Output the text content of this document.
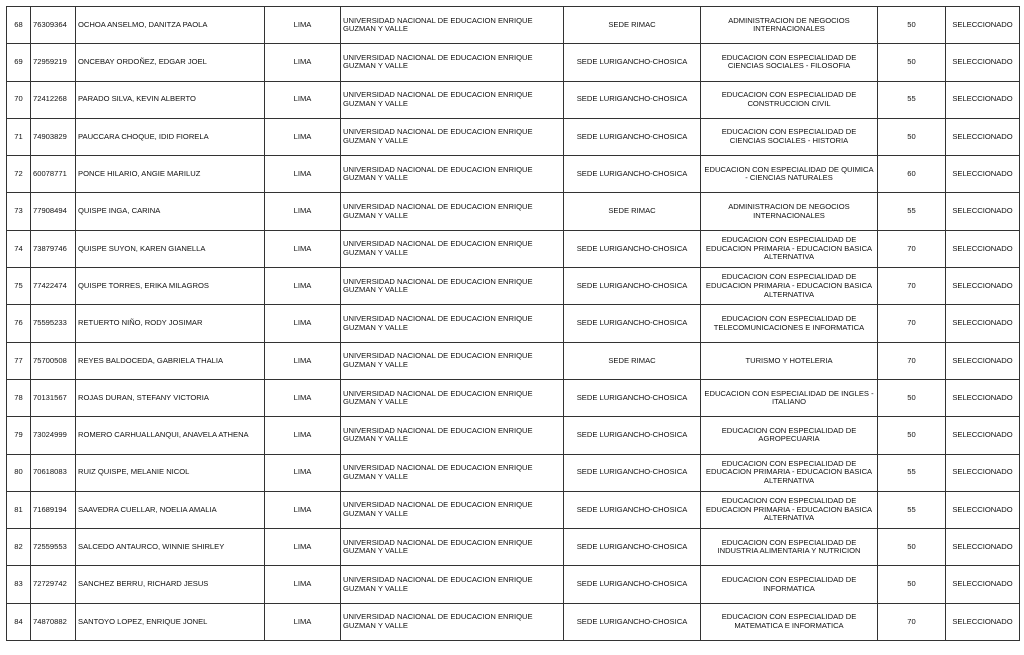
68	76309364	OCHOA ANSELMO, DANITZA PAOLA	LIMA	UNIVERSIDAD NACIONAL DE EDUCACION ENRIQUE GUZMAN Y VALLE	SEDE RIMAC	ADMINISTRACION DE NEGOCIOS INTERNACIONALES	50	SELECCIONADO
69	72959219	ONCEBAY ORDOÑEZ, EDGAR JOEL	LIMA	UNIVERSIDAD NACIONAL DE EDUCACION ENRIQUE GUZMAN Y VALLE	SEDE LURIGANCHO-CHOSICA	EDUCACION CON ESPECIALIDAD DE CIENCIAS SOCIALES - FILOSOFIA	50	SELECCIONADO
70	72412268	PARADO SILVA, KEVIN ALBERTO	LIMA	UNIVERSIDAD NACIONAL DE EDUCACION ENRIQUE GUZMAN Y VALLE	SEDE LURIGANCHO-CHOSICA	EDUCACION CON ESPECIALIDAD DE CONSTRUCCION CIVIL	55	SELECCIONADO
71	74903829	PAUCCARA CHOQUE, IDID FIORELA	LIMA	UNIVERSIDAD NACIONAL DE EDUCACION ENRIQUE GUZMAN Y VALLE	SEDE LURIGANCHO-CHOSICA	EDUCACION CON ESPECIALIDAD DE CIENCIAS SOCIALES - HISTORIA	50	SELECCIONADO
72	60078771	PONCE HILARIO, ANGIE MARILUZ	LIMA	UNIVERSIDAD NACIONAL DE EDUCACION ENRIQUE GUZMAN Y VALLE	SEDE LURIGANCHO-CHOSICA	EDUCACION CON ESPECIALIDAD DE QUIMICA - CIENCIAS NATURALES	60	SELECCIONADO
73	77908494	QUISPE INGA, CARINA	LIMA	UNIVERSIDAD NACIONAL DE EDUCACION ENRIQUE GUZMAN Y VALLE	SEDE RIMAC	ADMINISTRACION DE NEGOCIOS INTERNACIONALES	55	SELECCIONADO
74	73879746	QUISPE SUYON, KAREN GIANELLA	LIMA	UNIVERSIDAD NACIONAL DE EDUCACION ENRIQUE GUZMAN Y VALLE	SEDE LURIGANCHO-CHOSICA	EDUCACION CON ESPECIALIDAD DE EDUCACION PRIMARIA - EDUCACION BASICA ALTERNATIVA	70	SELECCIONADO
75	77422474	QUISPE TORRES, ERIKA MILAGROS	LIMA	UNIVERSIDAD NACIONAL DE EDUCACION ENRIQUE GUZMAN Y VALLE	SEDE LURIGANCHO-CHOSICA	EDUCACION CON ESPECIALIDAD DE EDUCACION PRIMARIA - EDUCACION BASICA ALTERNATIVA	70	SELECCIONADO
76	75595233	RETUERTO NIÑO, RODY JOSIMAR	LIMA	UNIVERSIDAD NACIONAL DE EDUCACION ENRIQUE GUZMAN Y VALLE	SEDE LURIGANCHO-CHOSICA	EDUCACION CON ESPECIALIDAD DE TELECOMUNICACIONES E INFORMATICA	70	SELECCIONADO
77	75700508	REYES BALDOCEDA, GABRIELA THALIA	LIMA	UNIVERSIDAD NACIONAL DE EDUCACION ENRIQUE GUZMAN Y VALLE	SEDE RIMAC	TURISMO Y HOTELERIA	70	SELECCIONADO
78	70131567	ROJAS DURAN, STEFANY VICTORIA	LIMA	UNIVERSIDAD NACIONAL DE EDUCACION ENRIQUE GUZMAN Y VALLE	SEDE LURIGANCHO-CHOSICA	EDUCACION CON ESPECIALIDAD DE INGLES - ITALIANO	50	SELECCIONADO
79	73024999	ROMERO CARHUALLANQUI, ANAVELA ATHENA	LIMA	UNIVERSIDAD NACIONAL DE EDUCACION ENRIQUE GUZMAN Y VALLE	SEDE LURIGANCHO-CHOSICA	EDUCACION CON ESPECIALIDAD DE AGROPECUARIA	50	SELECCIONADO
80	70618083	RUIZ QUISPE, MELANIE NICOL	LIMA	UNIVERSIDAD NACIONAL DE EDUCACION ENRIQUE GUZMAN Y VALLE	SEDE LURIGANCHO-CHOSICA	EDUCACION CON ESPECIALIDAD DE EDUCACION PRIMARIA - EDUCACION BASICA ALTERNATIVA	55	SELECCIONADO
81	71689194	SAAVEDRA CUELLAR, NOELIA AMALIA	LIMA	UNIVERSIDAD NACIONAL DE EDUCACION ENRIQUE GUZMAN Y VALLE	SEDE LURIGANCHO-CHOSICA	EDUCACION CON ESPECIALIDAD DE EDUCACION PRIMARIA - EDUCACION BASICA ALTERNATIVA	55	SELECCIONADO
82	72559553	SALCEDO ANTAURCO, WINNIE SHIRLEY	LIMA	UNIVERSIDAD NACIONAL DE EDUCACION ENRIQUE GUZMAN Y VALLE	SEDE LURIGANCHO-CHOSICA	EDUCACION CON ESPECIALIDAD DE INDUSTRIA ALIMENTARIA Y NUTRICION	50	SELECCIONADO
83	72729742	SANCHEZ BERRU, RICHARD JESUS	LIMA	UNIVERSIDAD NACIONAL DE EDUCACION ENRIQUE GUZMAN Y VALLE	SEDE LURIGANCHO-CHOSICA	EDUCACION CON ESPECIALIDAD DE INFORMATICA	50	SELECCIONADO
84	74870882	SANTOYO LOPEZ, ENRIQUE JONEL	LIMA	UNIVERSIDAD NACIONAL DE EDUCACION ENRIQUE GUZMAN Y VALLE	SEDE LURIGANCHO-CHOSICA	EDUCACION CON ESPECIALIDAD DE MATEMATICA E INFORMATICA	70	SELECCIONADO
